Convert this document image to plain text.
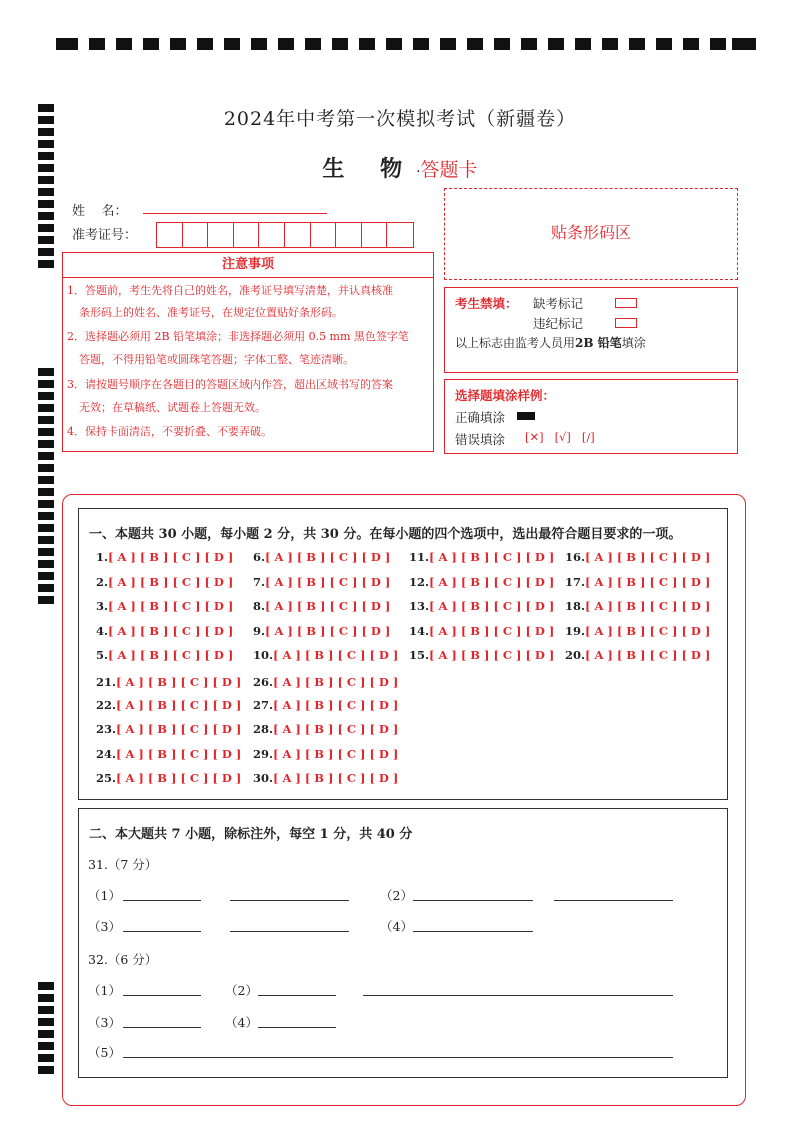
2024年中考第一次模拟考试（新疆卷）
生 物·答题卡
姓    名：
准考证号：	贴条形码区
注意事项
1．答题前，考生先将自己的姓名，准考证号填写清楚，并认真核准
条形码上的姓名、准考证号，在规定位置贴好条形码。
2．选择题必须用 2B 铅笔填涂；非选择题必须用 0.5 mm 黑色签字笔
答题，不得用铅笔或圆珠笔答题；字体工整、笔迹清晰。
3．请按题号顺序在各题目的答题区域内作答，超出区域书写的答案
无效；在草稿纸、试题卷上答题无效。
4．保持卡面清洁，不要折叠、不要弄破。
考生禁填： 缺考标记
违纪标记
以上标志由监考人员用2B 铅笔填涂
选择题填涂样例：
正确填涂
错误填涂 [✕]   [√]   [/]
一、本题共 30 小题，每小题 2 分，共 30 分。在每小题的四个选项中，选出最符合题目要求的一项。
1.[ A ] [ B ] [ C ] [ D ]
2.[ A ] [ B ] [ C ] [ D ]
3.[ A ] [ B ] [ C ] [ D ]
4.[ A ] [ B ] [ C ] [ D ]
5.[ A ] [ B ] [ C ] [ D ]
6.[ A ] [ B ] [ C ] [ D ]
7.[ A ] [ B ] [ C ] [ D ]
8.[ A ] [ B ] [ C ] [ D ]
9.[ A ] [ B ] [ C ] [ D ]
10.[ A ] [ B ] [ C ] [ D ]
11.[ A ] [ B ] [ C ] [ D ]
12.[ A ] [ B ] [ C ] [ D ]
13.[ A ] [ B ] [ C ] [ D ]
14.[ A ] [ B ] [ C ] [ D ]
15.[ A ] [ B ] [ C ] [ D ]
16.[ A ] [ B ] [ C ] [ D ]
17.[ A ] [ B ] [ C ] [ D ]
18.[ A ] [ B ] [ C ] [ D ]
19.[ A ] [ B ] [ C ] [ D ]
20.[ A ] [ B ] [ C ] [ D ]
21.[ A ] [ B ] [ C ] [ D ]
22.[ A ] [ B ] [ C ] [ D ]
23.[ A ] [ B ] [ C ] [ D ]
24.[ A ] [ B ] [ C ] [ D ]
25.[ A ] [ B ] [ C ] [ D ]
26.[ A ] [ B ] [ C ] [ D ]
27.[ A ] [ B ] [ C ] [ D ]
28.[ A ] [ B ] [ C ] [ D ]
29.[ A ] [ B ] [ C ] [ D ]
30.[ A ] [ B ] [ C ] [ D ]
二、本大题共 7 小题，除标注外，每空 1 分，共 40 分
31.（7 分）
（1）	（2）
（3）	（4）
32.（6 分）
（1）	（2）
（3）	（4）
（5）
